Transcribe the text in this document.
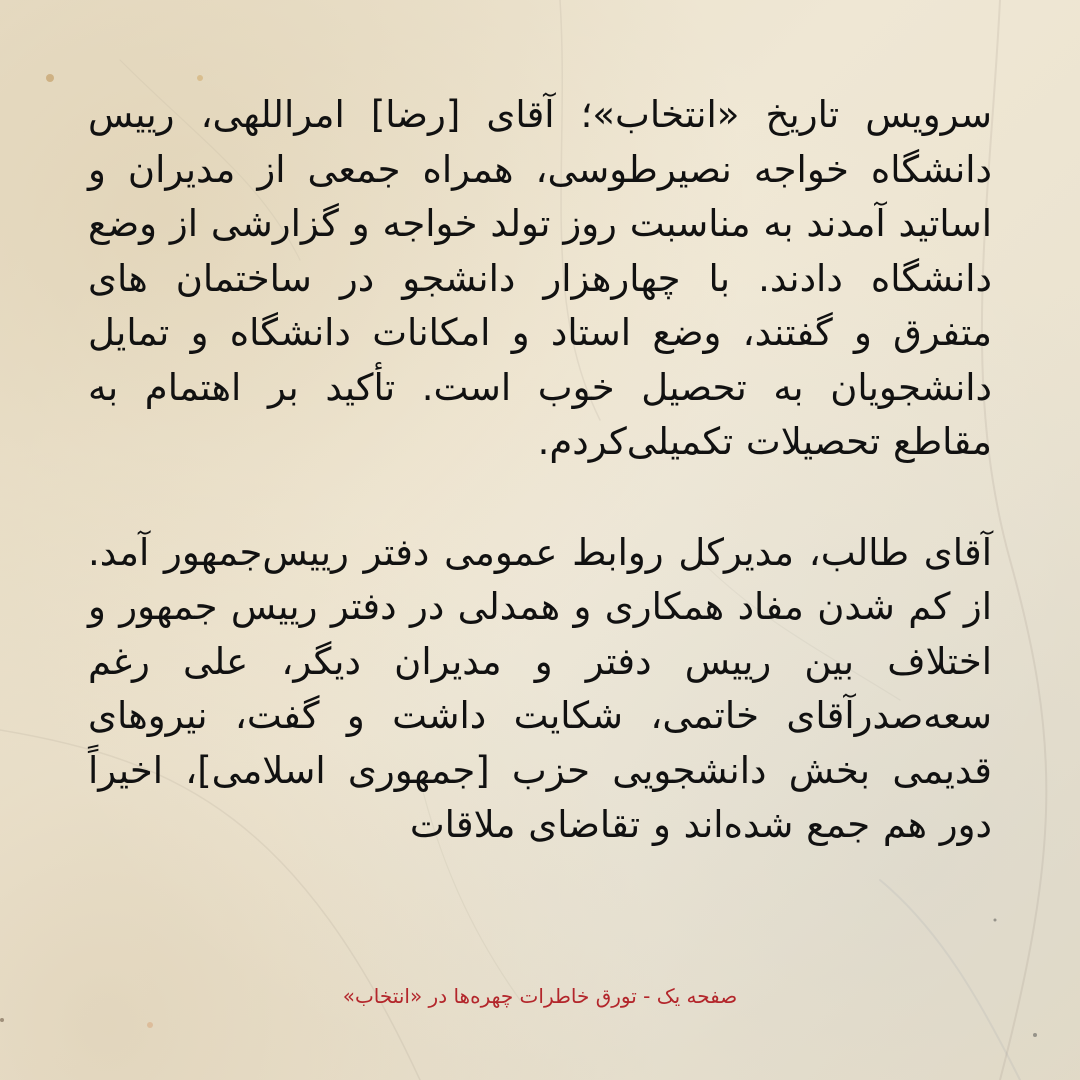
سرویس تاریخ «انتخاب»؛ آقای [رضا] امراللهی، رییس دانشگاه خواجه نصیرطوسی، همراه جمعی از مدیران و اساتید آمدند به مناسبت روز تولد خواجه و گزارشی از وضع دانشگاه دادند. با چهارهزار دانشجو در ساختمان های متفرق و گفتند، وضع استاد و امکانات دانشگاه و تمایل دانشجویان به تحصیل خوب است. تأکید بر اهتمام به مقاطع تحصیلات تکمیلی‌کردم.

آقای طالب، مدیرکل روابط عمومی دفتر رییس‌جمهور آمد. از کم شدن مفاد همکاری و همدلی در دفتر رییس جمهور و اختلاف بین رییس دفتر و مدیران دیگر، علی رغم سعه‌صدرآقای خاتمی، شکایت داشت و گفت، نیروهای قدیمی بخش دانشجویی حزب [جمهوری اسلامی]، اخیراً دور هم جمع شده‌اند و تقاضای ملاقات

صفحه یک - تورق خاطرات چهره‌ها در «انتخاب»
